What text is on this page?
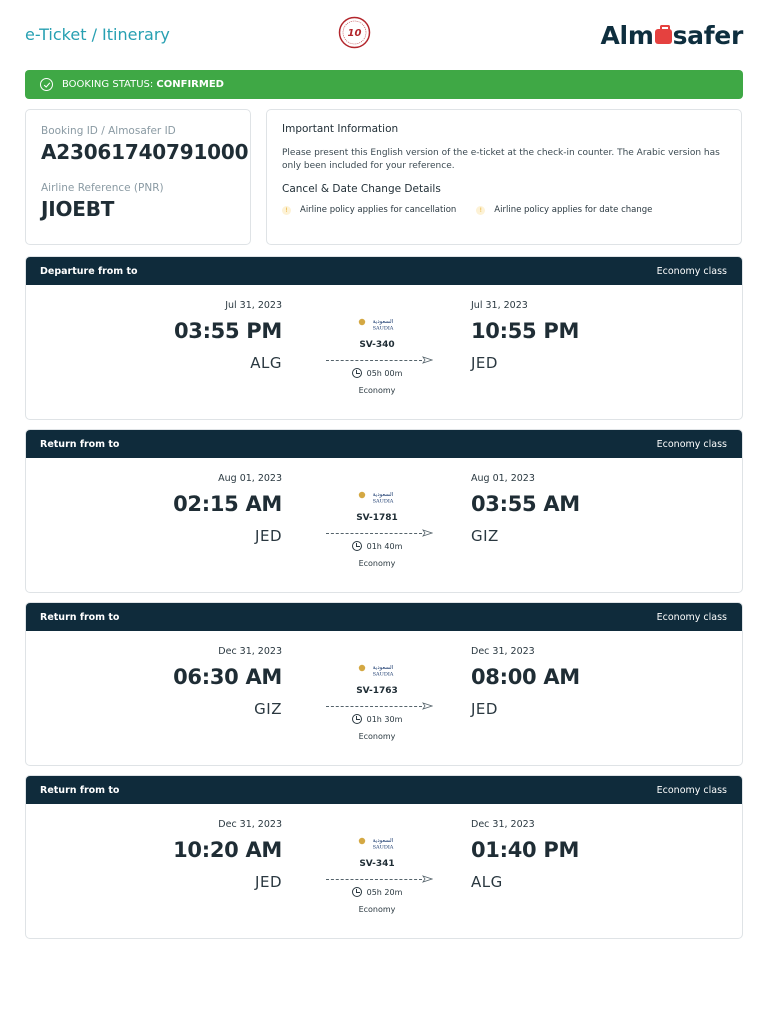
e-Ticket / Itinerary	10	Alm safer
BOOKING STATUS:
CONFIRMED
Booking ID / Almosafer ID
A23061740791000
Airline Reference (PNR)
JIOEBT
Important Information

Please present this English version of the e-ticket at the check-in counter. The Arabic version has only been included for your reference.

Cancel & Date Change Details
!	Airline policy applies for cancellation	!	Airline policy applies for date change
Departure from to	Economy class
Jul 31, 2023
03:55 PM
ALG
Jul 31, 2023
10:55 PM
JED
السعودية
SAUDIA
SV-340
05h 00m
Economy
Return from to	Economy class
Aug 01, 2023
02:15 AM
JED
Aug 01, 2023
03:55 AM
GIZ
السعودية
SAUDIA
SV-1781
01h 40m
Economy
Return from to	Economy class
Dec 31, 2023
06:30 AM
GIZ
Dec 31, 2023
08:00 AM
JED
السعودية
SAUDIA
SV-1763
01h 30m
Economy
Return from to	Economy class
Dec 31, 2023
10:20 AM
JED
Dec 31, 2023
01:40 PM
ALG
السعودية
SAUDIA
SV-341
05h 20m
Economy
